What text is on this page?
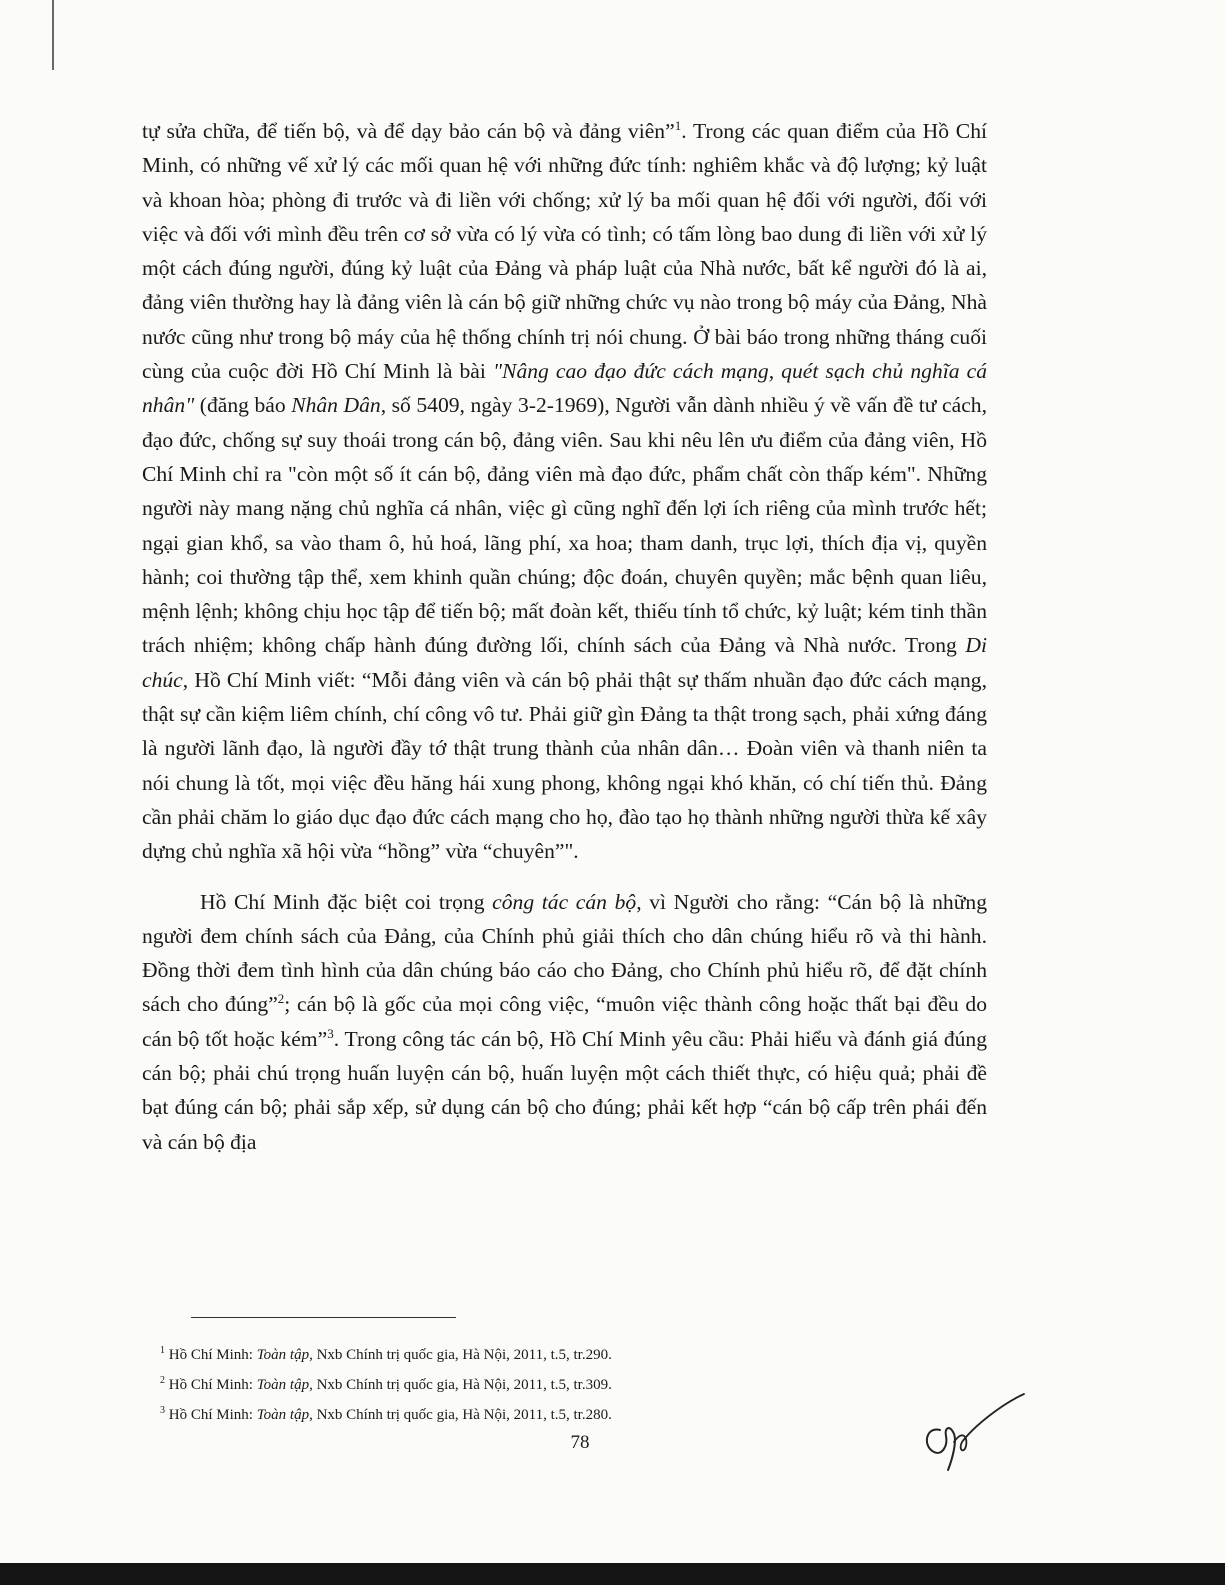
tự sửa chữa, để tiến bộ, và để dạy bảo cán bộ và đảng viên”$^1$. Trong các quan điểm của Hồ Chí Minh, có những vế xử lý các mối quan hệ với những đức tính: nghiêm khắc và độ lượng; kỷ luật và khoan hòa; phòng đi trước và đi liền với chống; xử lý ba mối quan hệ đối với người, đối với việc và đối với mình đều trên cơ sở vừa có lý vừa có tình; có tấm lòng bao dung đi liền với xử lý một cách đúng người, đúng kỷ luật của Đảng và pháp luật của Nhà nước, bất kể người đó là ai, đảng viên thường hay là đảng viên là cán bộ giữ những chức vụ nào trong bộ máy của Đảng, Nhà nước cũng như trong bộ máy của hệ thống chính trị nói chung. Ở bài báo trong những tháng cuối cùng của cuộc đời Hồ Chí Minh là bài "Nâng cao đạo đức cách mạng, quét sạch chủ nghĩa cá nhân" (đăng báo Nhân Dân, số 5409, ngày 3-2-1969), Người vẫn dành nhiều ý về vấn đề tư cách, đạo đức, chống sự suy thoái trong cán bộ, đảng viên. Sau khi nêu lên ưu điểm của đảng viên, Hồ Chí Minh chỉ ra "còn một số ít cán bộ, đảng viên mà đạo đức, phẩm chất còn thấp kém". Những người này mang nặng chủ nghĩa cá nhân, việc gì cũng nghĩ đến lợi ích riêng của mình trước hết; ngại gian khổ, sa vào tham ô, hủ hoá, lãng phí, xa hoa; tham danh, trục lợi, thích địa vị, quyền hành; coi thường tập thể, xem khinh quần chúng; độc đoán, chuyên quyền; mắc bệnh quan liêu, mệnh lệnh; không chịu học tập để tiến bộ; mất đoàn kết, thiếu tính tổ chức, kỷ luật; kém tinh thần trách nhiệm; không chấp hành đúng đường lối, chính sách của Đảng và Nhà nước. Trong Di chúc, Hồ Chí Minh viết: “Mỗi đảng viên và cán bộ phải thật sự thấm nhuần đạo đức cách mạng, thật sự cần kiệm liêm chính, chí công vô tư. Phải giữ gìn Đảng ta thật trong sạch, phải xứng đáng là người lãnh đạo, là người đầy tớ thật trung thành của nhân dân… Đoàn viên và thanh niên ta nói chung là tốt, mọi việc đều hăng hái xung phong, không ngại khó khăn, có chí tiến thủ. Đảng cần phải chăm lo giáo dục đạo đức cách mạng cho họ, đào tạo họ thành những người thừa kế xây dựng chủ nghĩa xã hội vừa “hồng” vừa “chuyên”".

Hồ Chí Minh đặc biệt coi trọng công tác cán bộ, vì Người cho rằng: “Cán bộ là những người đem chính sách của Đảng, của Chính phủ giải thích cho dân chúng hiểu rõ và thi hành. Đồng thời đem tình hình của dân chúng báo cáo cho Đảng, cho Chính phủ hiểu rõ, để đặt chính sách cho đúng”$^2$; cán bộ là gốc của mọi công việc, “muôn việc thành công hoặc thất bại đều do cán bộ tốt hoặc kém”$^3$. Trong công tác cán bộ, Hồ Chí Minh yêu cầu: Phải hiểu và đánh giá đúng cán bộ; phải chú trọng huấn luyện cán bộ, huấn luyện một cách thiết thực, có hiệu quả; phải đề bạt đúng cán bộ; phải sắp xếp, sử dụng cán bộ cho đúng; phải kết hợp “cán bộ cấp trên phái đến và cán bộ địa

$^1$ Hồ Chí Minh: Toàn tập, Nxb Chính trị quốc gia, Hà Nội, 2011, t.5, tr.290.

$^2$ Hồ Chí Minh: Toàn tập, Nxb Chính trị quốc gia, Hà Nội, 2011, t.5, tr.309.

$^3$ Hồ Chí Minh: Toàn tập, Nxb Chính trị quốc gia, Hà Nội, 2011, t.5, tr.280.

78
